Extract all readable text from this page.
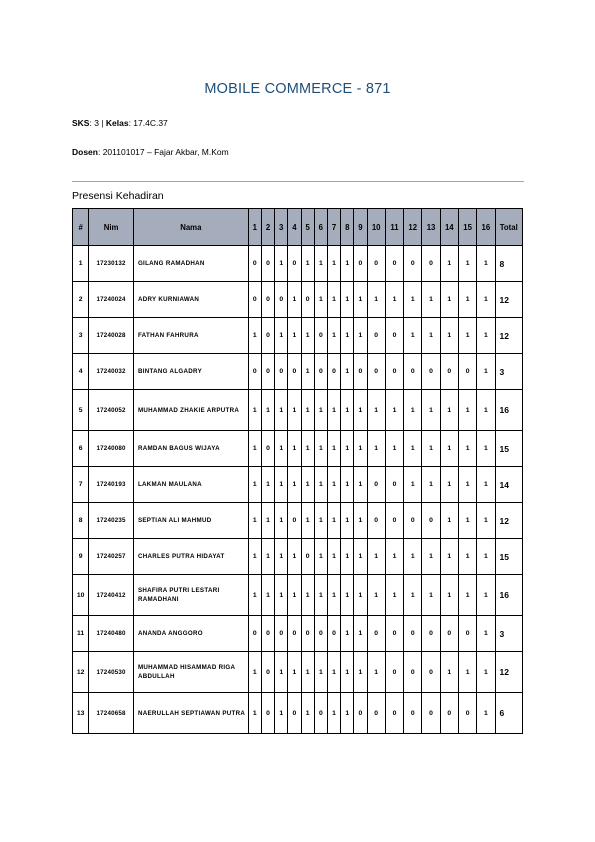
MOBILE COMMERCE - 871
SKS: 3 | Kelas: 17.4C.37
Dosen: 201101017 – Fajar Akbar, M.Kom
Presensi Kehadiran
#	Nim	Nama	1	2	3	4	5	6	7	8	9	10	11	12	13	14	15	16	Total
1	17230132	GILANG RAMADHAN	0	0	1	0	1	1	1	1	0	0	0	0	0	1	1	1	8
2	17240024	ADRY KURNIAWAN	0	0	0	1	0	1	1	1	1	1	1	1	1	1	1	1	12
3	17240028	FATHAN FAHRURA	1	0	1	1	1	0	1	1	1	0	0	1	1	1	1	1	12
4	17240032	BINTANG ALGADRY	0	0	0	0	1	0	0	1	0	0	0	0	0	0	0	1	3
5	17240052	MUHAMMAD ZHAKIE ARPUTRA	1	1	1	1	1	1	1	1	1	1	1	1	1	1	1	1	16
6	17240080	RAMDAN BAGUS WIJAYA	1	0	1	1	1	1	1	1	1	1	1	1	1	1	1	1	15
7	17240193	LAKMAN MAULANA	1	1	1	1	1	1	1	1	1	0	0	1	1	1	1	1	14
8	17240235	SEPTIAN ALI MAHMUD	1	1	1	0	1	1	1	1	1	0	0	0	0	1	1	1	12
9	17240257	CHARLES PUTRA HIDAYAT	1	1	1	1	0	1	1	1	1	1	1	1	1	1	1	1	15
10	17240412	SHAFIRA PUTRI LESTARI RAMADHANI	1	1	1	1	1	1	1	1	1	1	1	1	1	1	1	1	16
11	17240480	ANANDA ANGGORO	0	0	0	0	0	0	0	1	1	0	0	0	0	0	0	1	3
12	17240530	MUHAMMAD HISAMMAD RIGA ABDULLAH	1	0	1	1	1	1	1	1	1	1	0	0	0	1	1	1	12
13	17240658	NAERULLAH SEPTIAWAN PUTRA	1	0	1	0	1	0	1	1	0	0	0	0	0	0	0	1	6
